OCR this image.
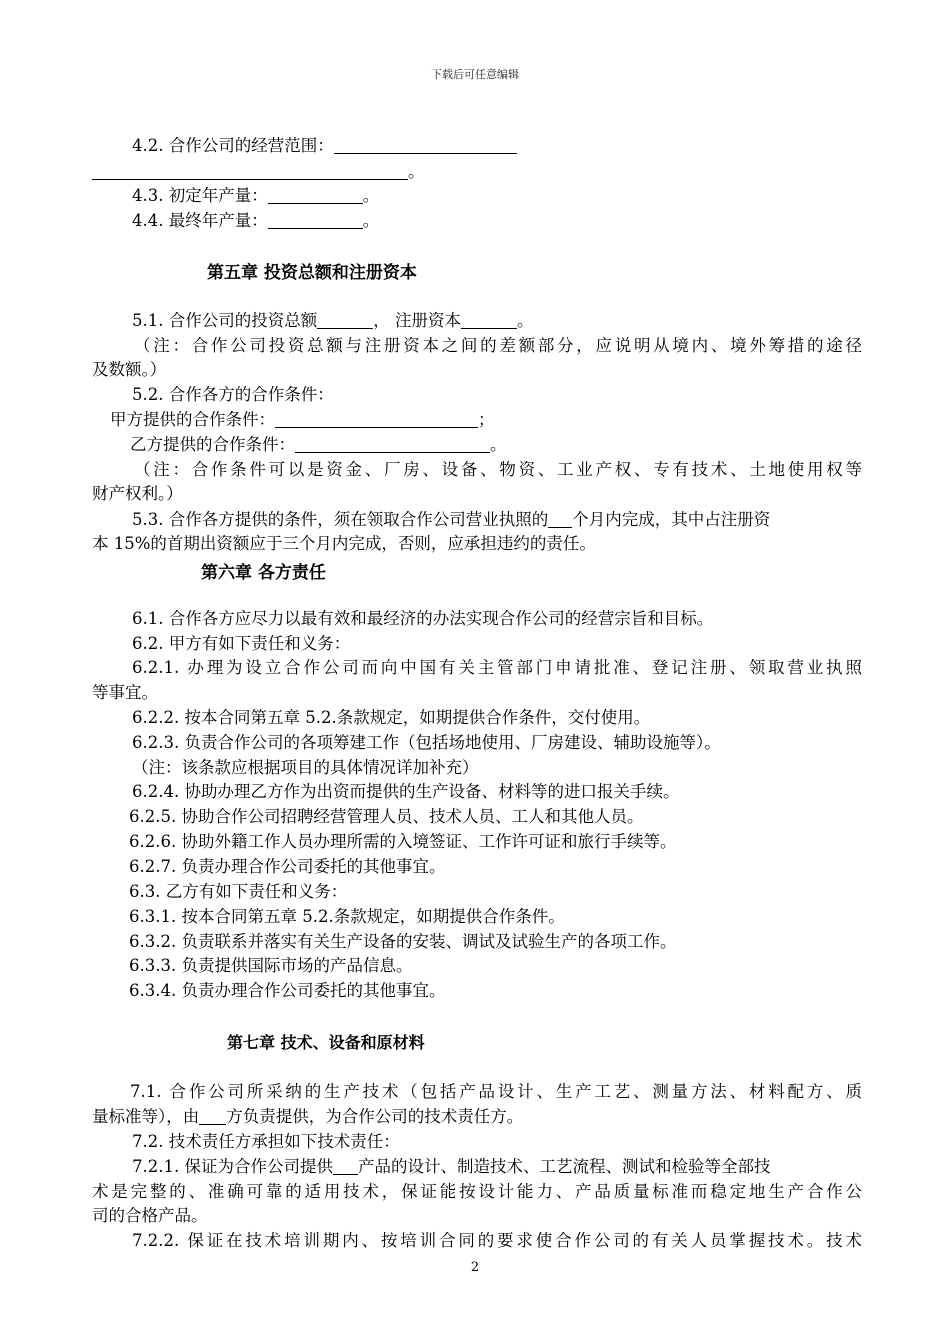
下载后可任意编辑
4.2. 合作公司的经营范围：
。
4.3. 初定年产量：	。
4.4. 最终年产量：	。
第五章 投资总额和注册资本
5.1. 合作公司的投资总额	， 注册资本	。
（注：合作公司投资总额与注册资本之间的差额部分，应说明从境内、境外筹措的途径
及数额。）
5.2. 合作各方的合作条件：
甲方提供的合作条件：	；
乙方提供的合作条件：	。
（注：合作条件可以是资金、厂房、设备、物资、工业产权、专有技术、土地使用权等
财产权利。）
5.3. 合作各方提供的条件，须在领取合作公司营业执照的 个月内完成，其中占注册资
本 15%的首期出资额应于三个月内完成，否则，应承担违约的责任。
第六章 各方责任
6.1. 合作各方应尽力以最有效和最经济的办法实现合作公司的经营宗旨和目标。
6.2. 甲方有如下责任和义务：
6.2.1. 办理为设立合作公司而向中国有关主管部门申请批准、登记注册、领取营业执照
等事宜。
6.2.2. 按本合同第五章 5.2.条款规定，如期提供合作条件，交付使用。
6.2.3. 负责合作公司的各项筹建工作（包括场地使用、厂房建设、辅助设施等）。
（注：该条款应根据项目的具体情况详加补充）
6.2.4. 协助办理乙方作为出资而提供的生产设备、材料等的进口报关手续。
6.2.5. 协助合作公司招聘经营管理人员、技术人员、工人和其他人员。
6.2.6. 协助外籍工作人员办理所需的入境签证、工作许可证和旅行手续等。
6.2.7. 负责办理合作公司委托的其他事宜。
6.3. 乙方有如下责任和义务：
6.3.1. 按本合同第五章 5.2.条款规定，如期提供合作条件。
6.3.2. 负责联系并落实有关生产设备的安装、调试及试验生产的各项工作。
6.3.3. 负责提供国际市场的产品信息。
6.3.4. 负责办理合作公司委托的其他事宜。
第七章 技术、设备和原材料
7.1. 合作公司所采纳的生产技术（包括产品设计、生产工艺、测量方法、材料配方、质
量标准等），由 方负责提供，为合作公司的技术责任方。
7.2. 技术责任方承担如下技术责任：
7.2.1. 保证为合作公司提供 产品的设计、制造技术、工艺流程、测试和检验等全部技
术是完整的、准确可靠的适用技术，保证能按设计能力、产品质量标准而稳定地生产合作公
司的合格产品。
7.2.2. 保证在技术培训期内、按培训合同的要求使合作公司的有关人员掌握技术。技术
2
